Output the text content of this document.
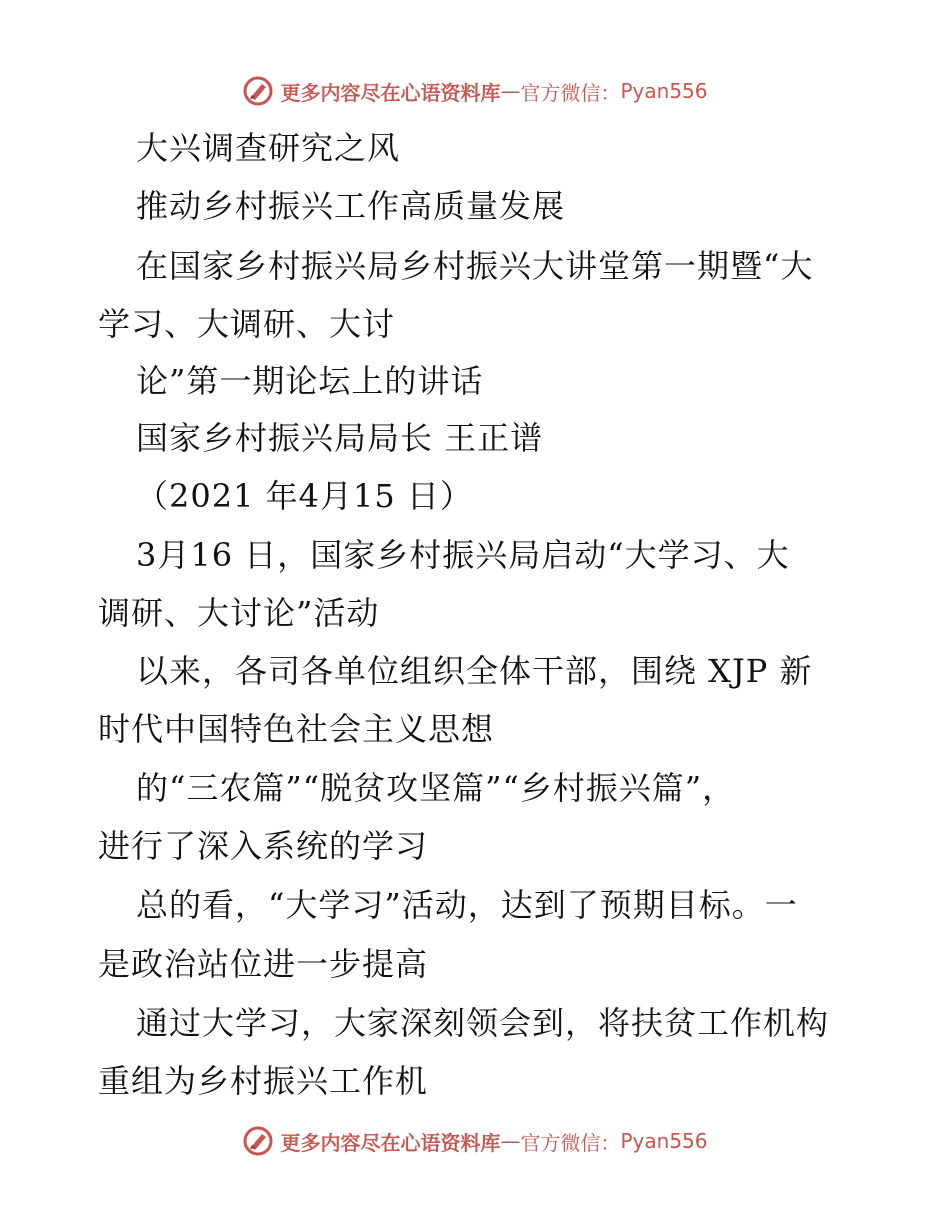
更多内容尽在心语资料库 — 官方微信： Pyan556
大兴调查研究之风
推动乡村振兴工作高质量发展
在国家乡村振兴局乡村振兴大讲堂第一期暨“大
学习、大调研、大讨
论”第一期论坛上的讲话
国家乡村振兴局局长 王正谱
（2021 年4月15 日）
3月16 日，国家乡村振兴局启动“大学习、大
调研、大讨论”活动
以来，各司各单位组织全体干部，围绕 XJP 新
时代中国特色社会主义思想
的“三农篇”“脱贫攻坚篇”“乡村振兴篇”，
进行了深入系统的学习
总的看，“大学习”活动，达到了预期目标。一
是政治站位进一步提高
通过大学习，大家深刻领会到，将扶贫工作机构
重组为乡村振兴工作机
更多内容尽在心语资料库 — 官方微信： Pyan556
